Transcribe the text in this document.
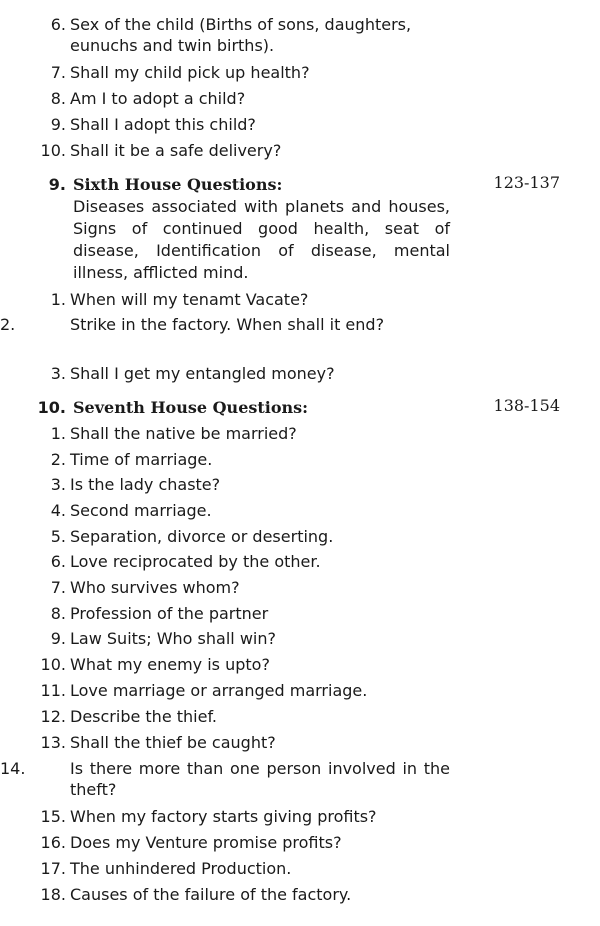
6. Sex of the child (Births of sons, daughters, eunuchs and twin births).
7. Shall my child pick up health?
8. Am I to adopt a child?
9. Shall I adopt this child?
10. Shall it be a safe delivery?
9. Sixth House Questions:	123-137
Diseases associated with planets and houses, Signs of continued good health, seat of disease, Identification of disease, mental illness, afflicted mind.
1. When will my tenamt Vacate?
2.	Strike in the factory. When shall it end?
3. Shall I get my entangled money?
10. Seventh House Questions:	138-154
1. Shall the native be married?
2. Time of marriage.
3. Is the lady chaste?
4. Second marriage.
5. Separation, divorce or deserting.
6. Love reciprocated by the other.
7. Who survives whom?
8. Profession of the partner
9. Law Suits; Who shall win?
10. What my enemy is upto?
11. Love marriage or arranged marriage.
12. Describe the thief.
13. Shall the thief be caught?
14.	Is there more than one person involved in the theft?
15. When my factory starts giving profits?
16. Does my Venture promise profits?
17. The unhindered Production.
18. Causes of the failure of the factory.
